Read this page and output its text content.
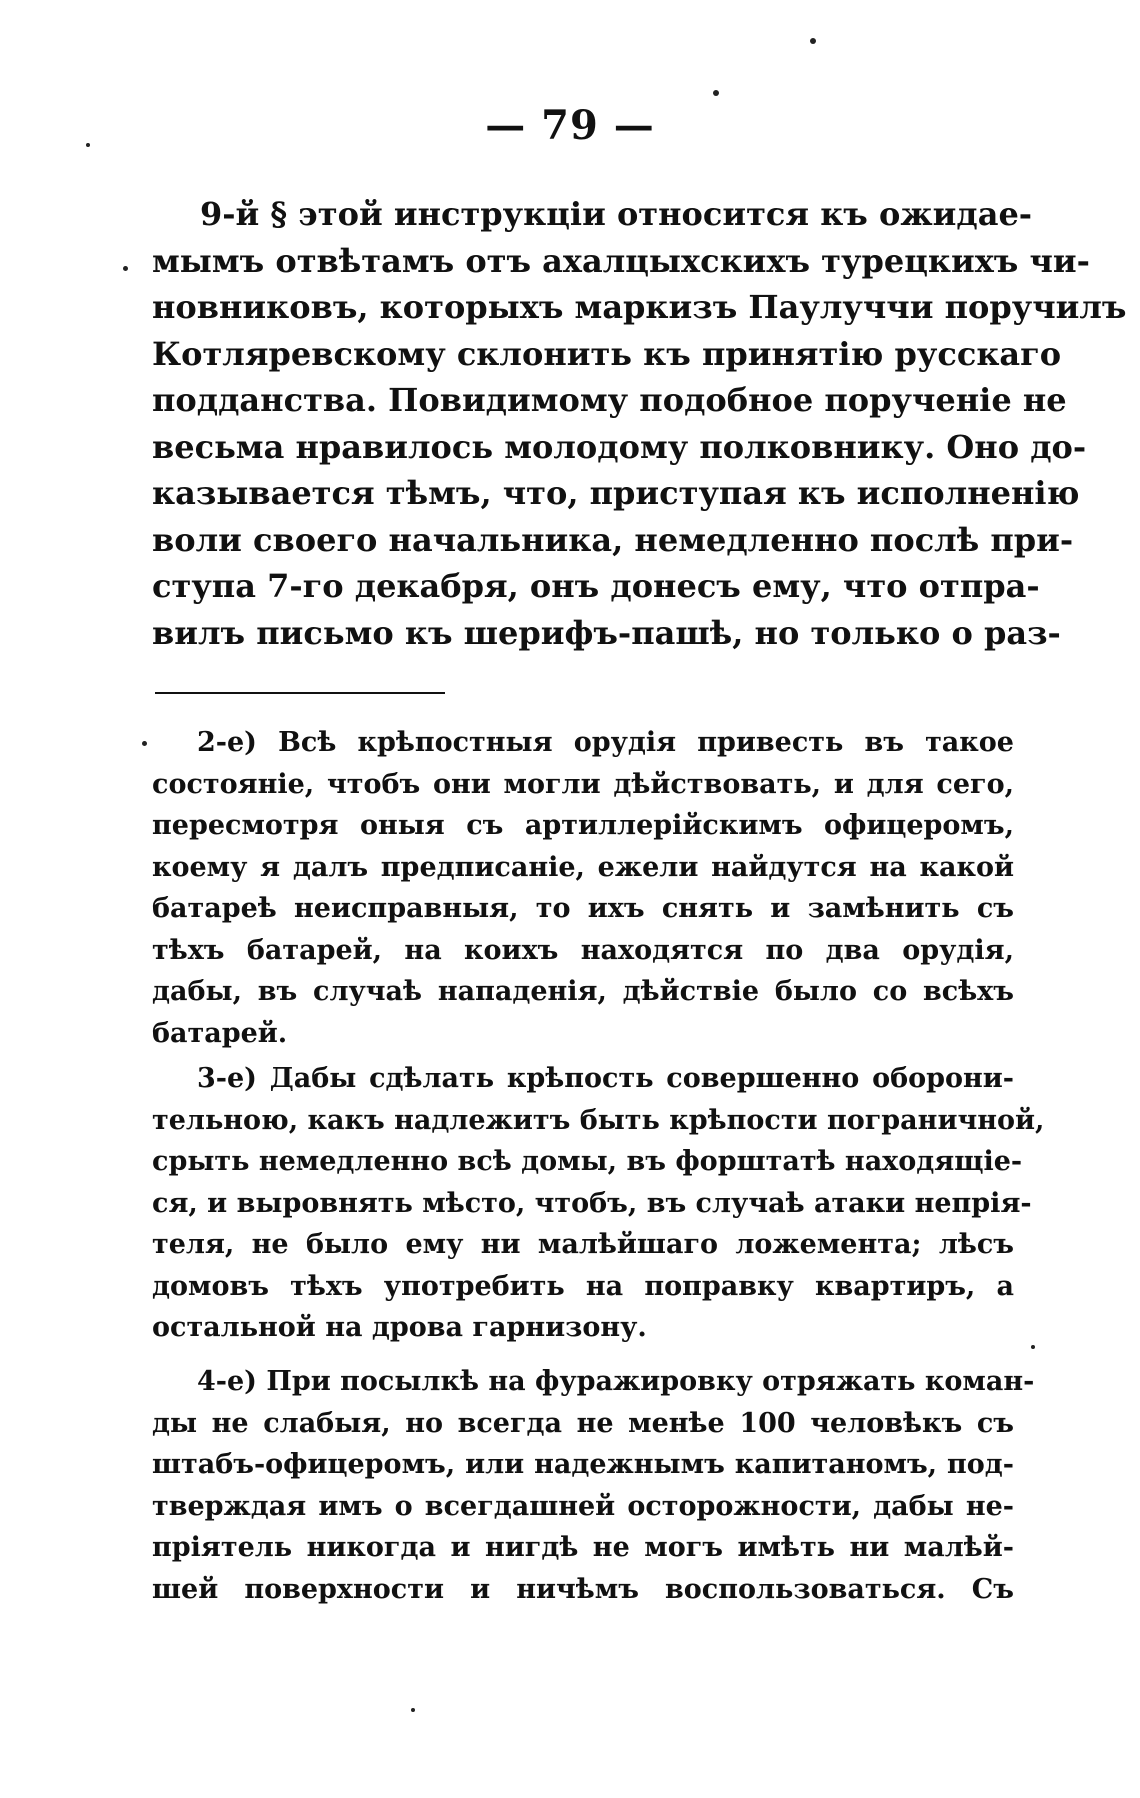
— 79 —
9-й § этой инструкціи относится къ ожидае-
мымъ отвѣтамъ отъ ахалцыхскихъ турецкихъ чи-
новниковъ, которыхъ маркизъ Паулуччи поручилъ
Котляревскому склонить къ принятію русскаго
подданства. Повидимому подобное порученіе не
весьма нравилось молодому полковнику. Оно до-
казывается тѣмъ, что, приступая къ исполненію
воли своего начальника, немедленно послѣ при-
ступа 7-го декабря, онъ донесъ ему, что отпра-
вилъ письмо къ шерифъ-пашѣ, но только о раз-
2-е) Всѣ крѣпостныя орудія привесть въ такое
состояніе, чтобъ они могли дѣйствовать, и для сего,
пересмотря оныя съ артиллерійскимъ офицеромъ,
коему я далъ предписаніе, ежели найдутся на какой
батареѣ неисправныя, то ихъ снять и замѣнить съ
тѣхъ батарей, на коихъ находятся по два орудія,
дабы, въ случаѣ нападенія, дѣйствіе было со всѣхъ
батарей.
3-е) Дабы сдѣлать крѣпость совершенно оборони-
тельною, какъ надлежитъ быть крѣпости пограничной,
срыть немедленно всѣ домы, въ форштатѣ находящіе-
ся, и выровнять мѣсто, чтобъ, въ случаѣ атаки непрія-
теля, не было ему ни малѣйшаго ложемента; лѣсъ
домовъ тѣхъ употребить на поправку квартиръ, а
остальной на дрова гарнизону.
4-е) При посылкѣ на фуражировку отряжать коман-
ды не слабыя, но всегда не менѣе 100 человѣкъ съ
штабъ-офицеромъ, или надежнымъ капитаномъ, под-
тверждая имъ о всегдашней осторожности, дабы не-
пріятель никогда и нигдѣ не могъ имѣть ни малѣй-
шей поверхности и ничѣмъ воспользоваться. Съ
